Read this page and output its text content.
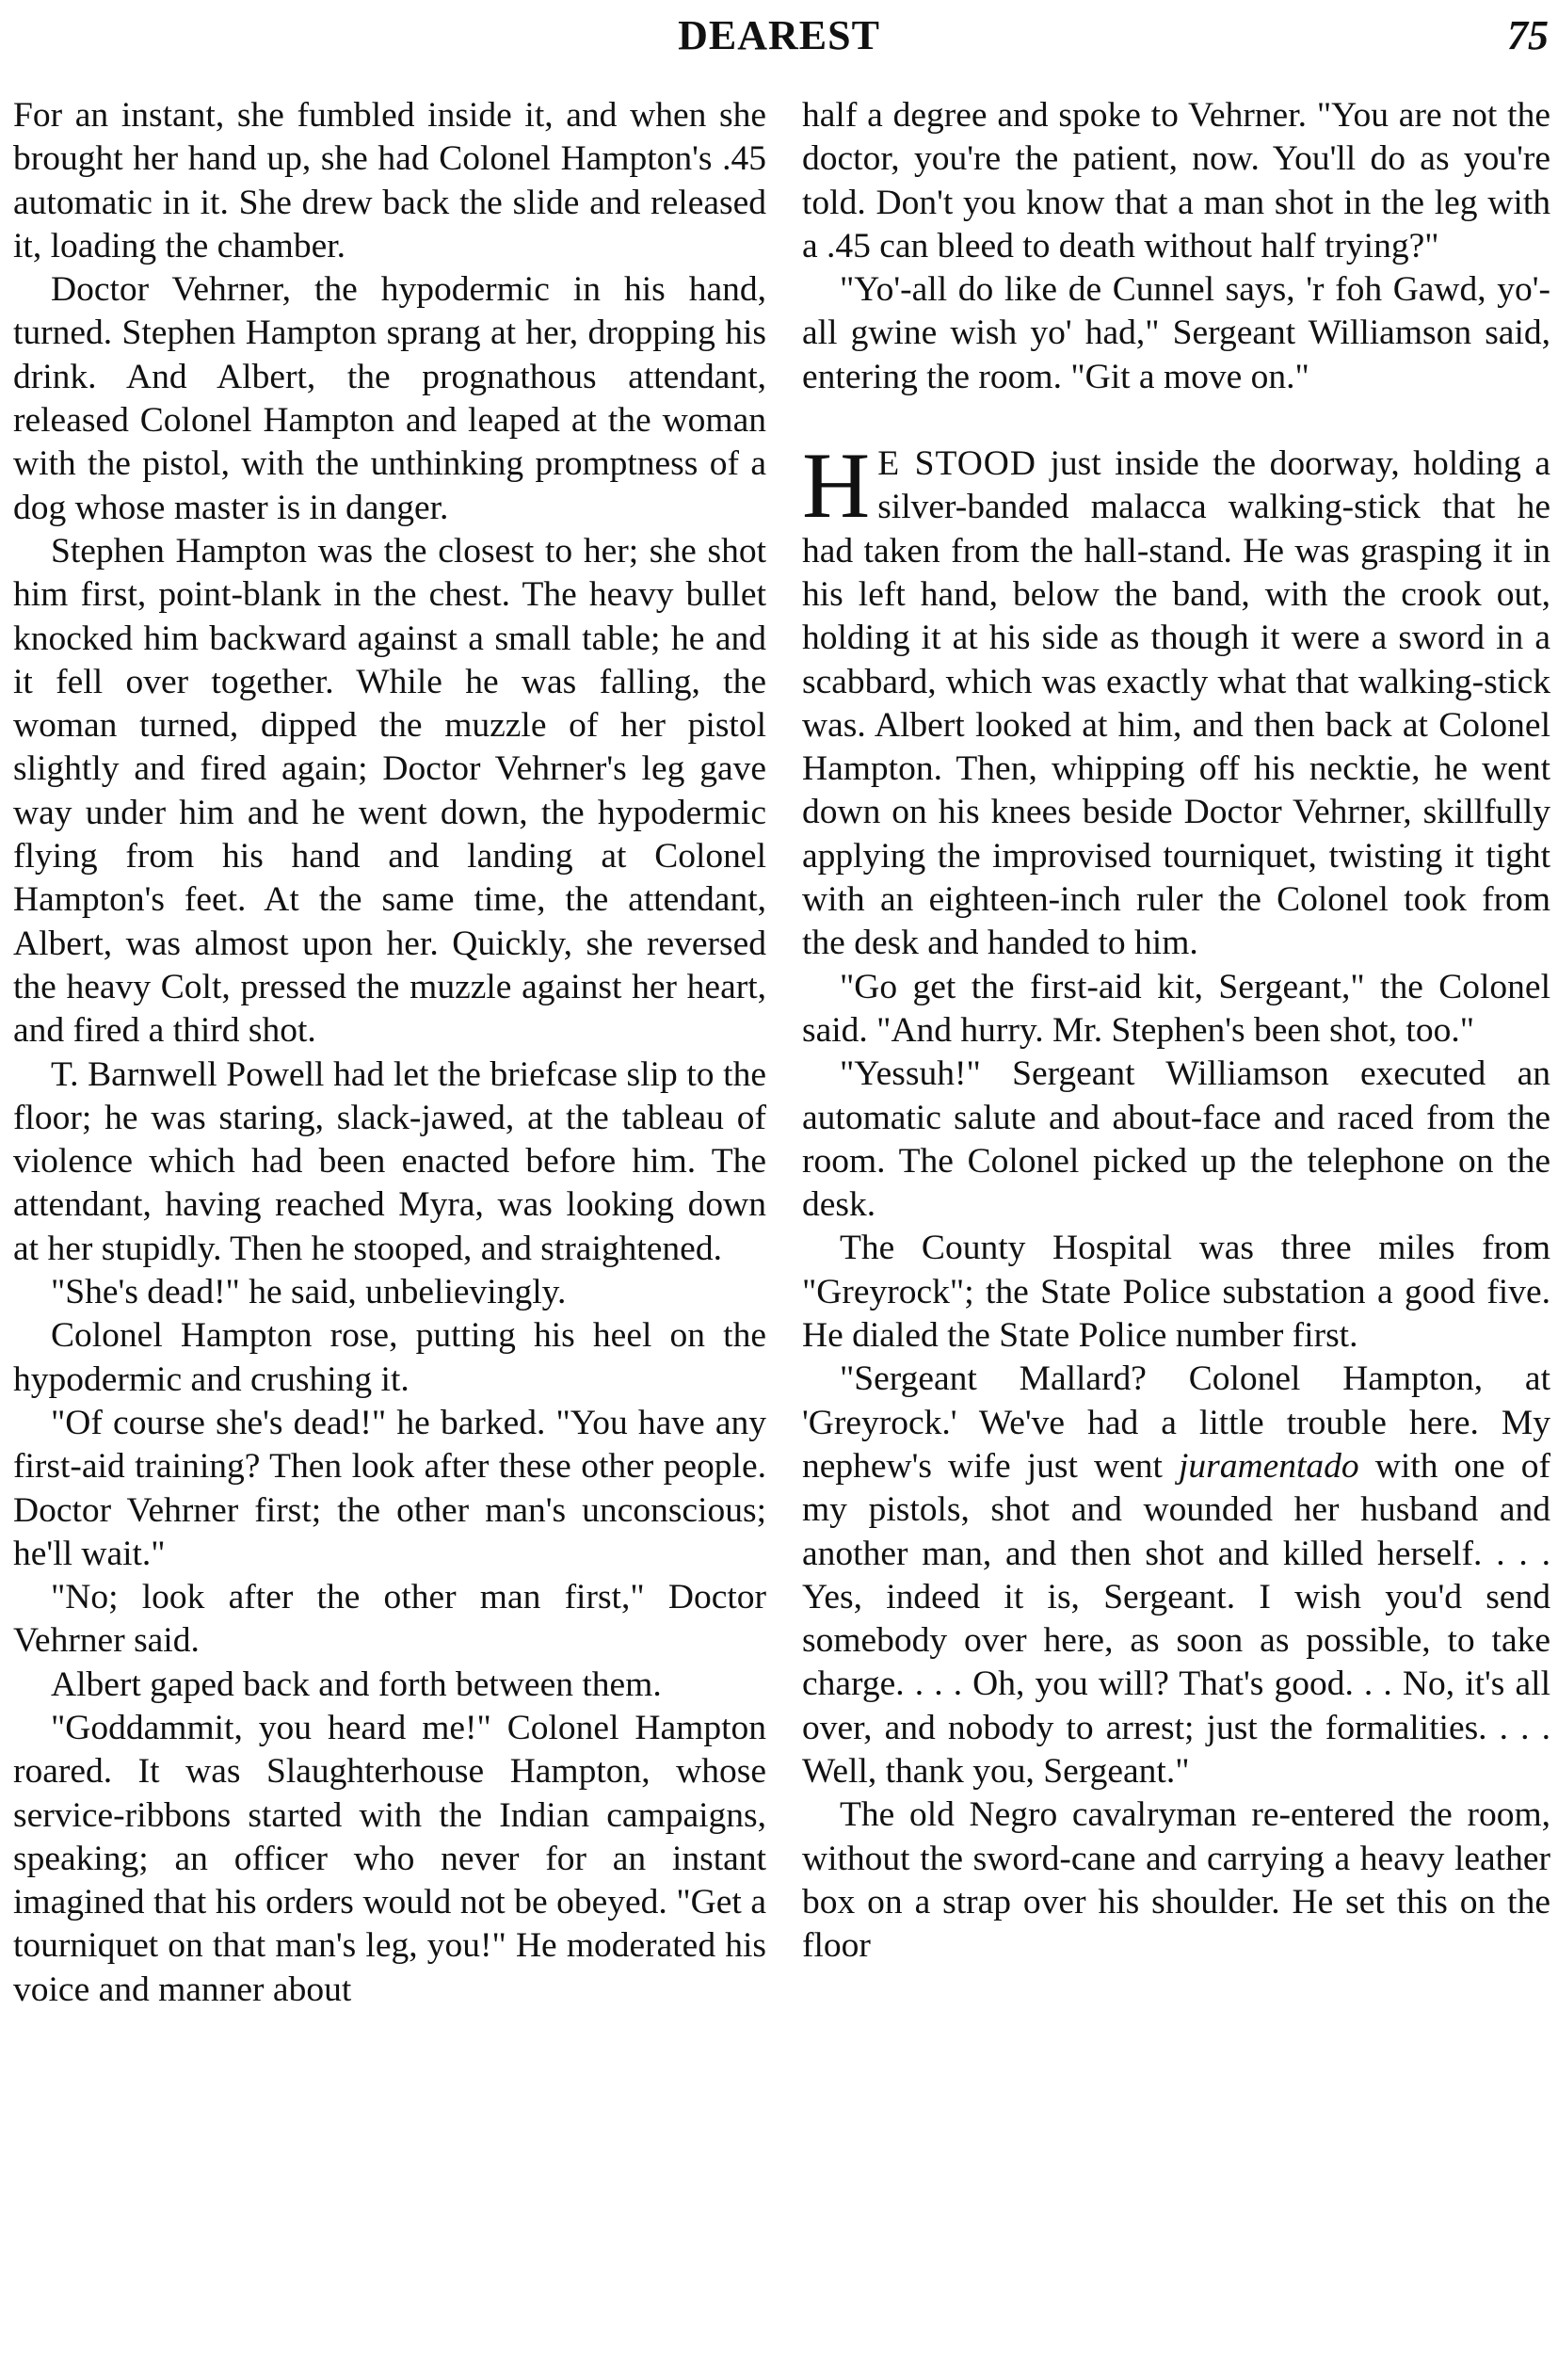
DEAREST	75

For an instant, she fumbled inside it, and when she brought her hand up, she had Colonel Hampton's .45 automatic in it. She drew back the slide and released it, loading the chamber.

Doctor Vehrner, the hypodermic in his hand, turned. Stephen Hampton sprang at her, dropping his drink. And Albert, the prognathous attendant, released Colonel Hampton and leaped at the woman with the pistol, with the unthinking promptness of a dog whose master is in danger.

Stephen Hampton was the closest to her; she shot him first, point-blank in the chest. The heavy bullet knocked him backward against a small table; he and it fell over together. While he was falling, the woman turned, dipped the muzzle of her pistol slightly and fired again; Doctor Vehrner's leg gave way under him and he went down, the hypodermic flying from his hand and landing at Colonel Hampton's feet. At the same time, the attendant, Albert, was almost upon her. Quickly, she reversed the heavy Colt, pressed the muzzle against her heart, and fired a third shot.

T. Barnwell Powell had let the briefcase slip to the floor; he was staring, slack-jawed, at the tableau of violence which had been enacted before him. The attendant, having reached Myra, was looking down at her stupidly. Then he stooped, and straightened.

"She's dead!" he said, unbelievingly.

Colonel Hampton rose, putting his heel on the hypodermic and crushing it.

"Of course she's dead!" he barked. "You have any first-aid training? Then look after these other people. Doctor Vehrner first; the other man's unconscious; he'll wait."

"No; look after the other man first," Doctor Vehrner said.

Albert gaped back and forth between them.

"Goddammit, you heard me!" Colonel Hampton roared. It was Slaughterhouse Hampton, whose service-ribbons started with the Indian campaigns, speaking; an officer who never for an instant imagined that his orders would not be obeyed. "Get a tourniquet on that man's leg, you!" He moderated his voice and manner about

half a degree and spoke to Vehrner. "You are not the doctor, you're the patient, now. You'll do as you're told. Don't you know that a man shot in the leg with a .45 can bleed to death without half trying?"

"Yo'-all do like de Cunnel says, 'r foh Gawd, yo'-all gwine wish yo' had," Sergeant Williamson said, entering the room. "Git a move on."

H E STOOD just inside the doorway, holding a silver-banded malacca walking-stick that he had taken from the hall-stand. He was grasping it in his left hand, below the band, with the crook out, holding it at his side as though it were a sword in a scabbard, which was exactly what that walking-stick was. Albert looked at him, and then back at Colonel Hampton. Then, whipping off his necktie, he went down on his knees beside Doctor Vehrner, skillfully applying the improvised tourniquet, twisting it tight with an eighteen-inch ruler the Colonel took from the desk and handed to him.

"Go get the first-aid kit, Sergeant," the Colonel said. "And hurry. Mr. Stephen's been shot, too."

"Yessuh!" Sergeant Williamson executed an automatic salute and about-face and raced from the room. The Colonel picked up the telephone on the desk.

The County Hospital was three miles from "Greyrock"; the State Police substation a good five. He dialed the State Police number first.

"Sergeant Mallard? Colonel Hampton, at 'Greyrock.' We've had a little trouble here. My nephew's wife just went juramentado with one of my pistols, shot and wounded her husband and another man, and then shot and killed herself. . . . Yes, indeed it is, Sergeant. I wish you'd send somebody over here, as soon as possible, to take charge. . . . Oh, you will? That's good. . . No, it's all over, and nobody to arrest; just the formalities. . . . Well, thank you, Sergeant."

The old Negro cavalryman re-entered the room, without the sword-cane and carrying a heavy leather box on a strap over his shoulder. He set this on the floor
